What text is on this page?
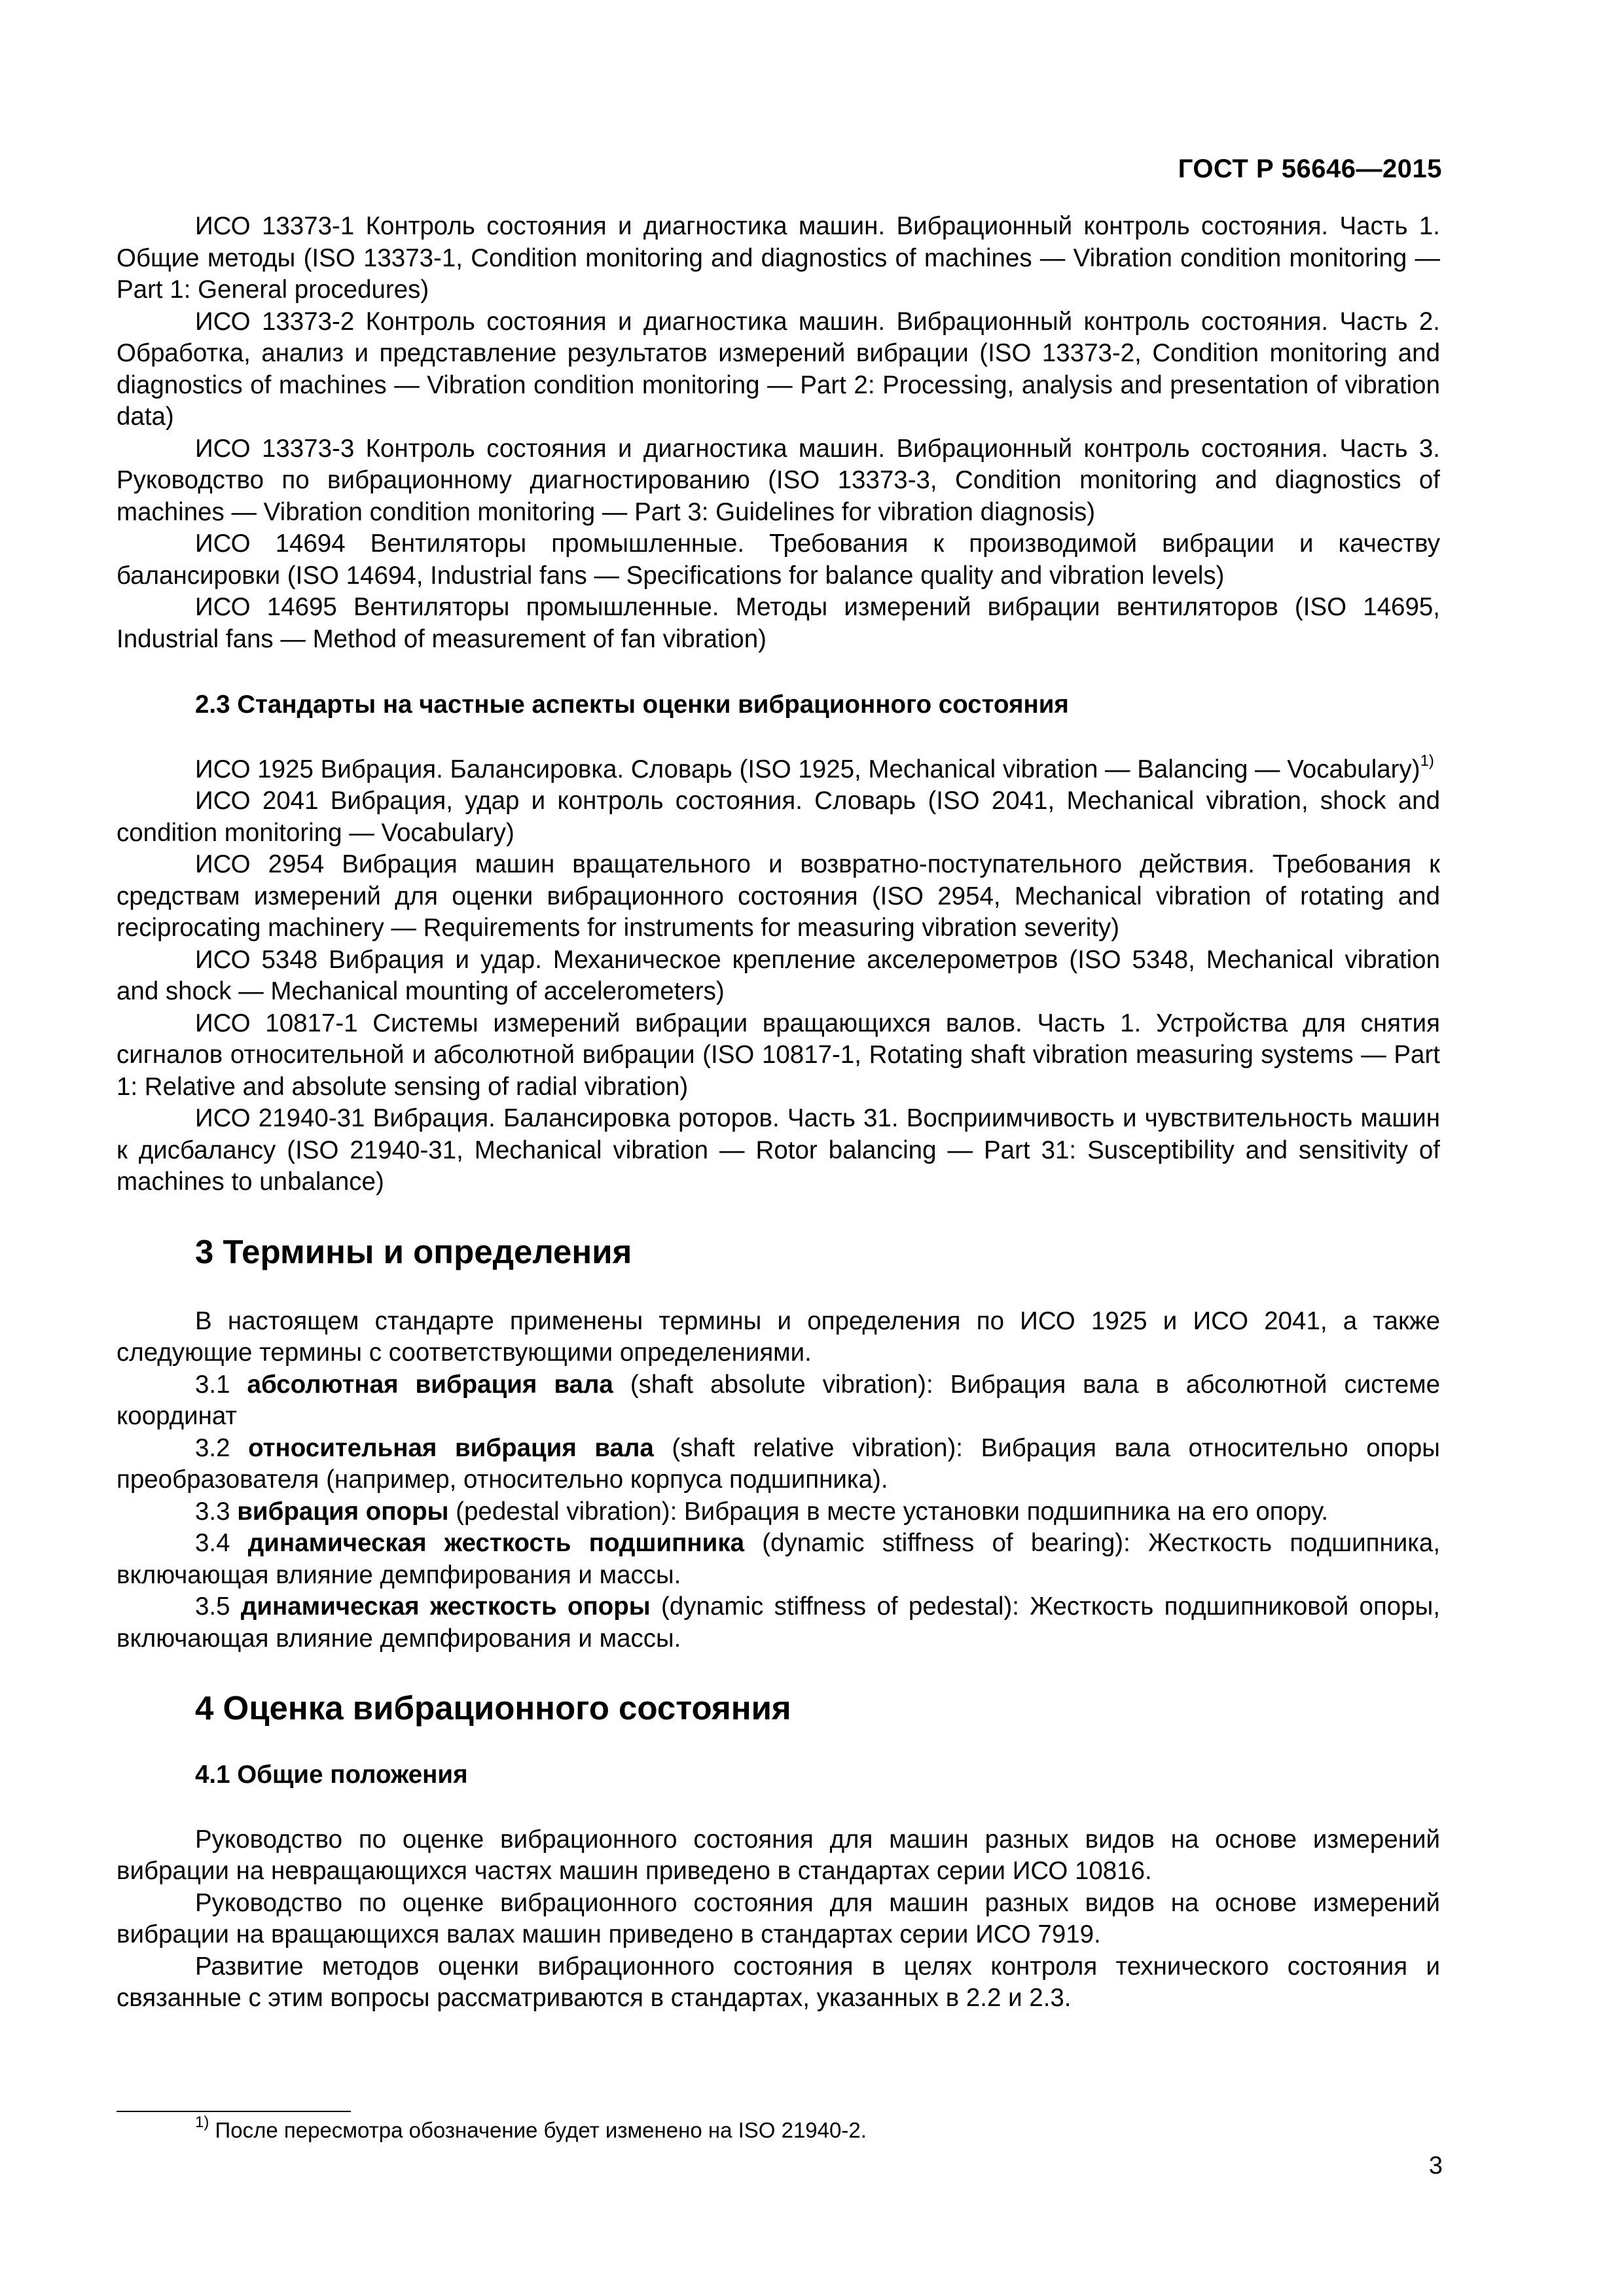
ГОСТ Р 56646—2015

ИСО 13373-1 Контроль состояния и диагностика машин. Вибрационный контроль состояния. Часть 1. Общие методы (ISO 13373-1, Condition monitoring and diagnostics of machines — Vibration condition monitoring — Part 1: General procedures)

ИСО 13373-2 Контроль состояния и диагностика машин. Вибрационный контроль состояния. Часть 2. Обработка, анализ и представление результатов измерений вибрации (ISO 13373-2, Condition monitoring and diagnostics of machines — Vibration condition monitoring — Part 2: Processing, analysis and presentation of vibration data)

ИСО 13373-3 Контроль состояния и диагностика машин. Вибрационный контроль состояния. Часть 3. Руководство по вибрационному диагностированию (ISO 13373-3, Condition monitoring and diagnostics of machines — Vibration condition monitoring — Part 3: Guidelines for vibration diagnosis)

ИСО 14694 Вентиляторы промышленные. Требования к производимой вибрации и качеству балансировки (ISO 14694, Industrial fans — Specifications for balance quality and vibration levels)

ИСО 14695 Вентиляторы промышленные. Методы измерений вибрации вентиляторов (ISO 14695, Industrial fans — Method of measurement of fan vibration)

2.3 Стандарты на частные аспекты оценки вибрационного состояния

ИСО 1925 Вибрация. Балансировка. Словарь (ISO 1925, Mechanical vibration — Balancing — Vocabulary)$^{1)}$

ИСО 2041 Вибрация, удар и контроль состояния. Словарь (ISO 2041, Mechanical vibration, shock and condition monitoring — Vocabulary)

ИСО 2954 Вибрация машин вращательного и возвратно-поступательного действия. Требования к средствам измерений для оценки вибрационного состояния (ISO 2954, Mechanical vibration of rotating and reciprocating machinery — Requirements for instruments for measuring vibration severity)

ИСО 5348 Вибрация и удар. Механическое крепление акселерометров (ISO 5348, Mechanical vibration and shock — Mechanical mounting of accelerometers)

ИСО 10817-1 Системы измерений вибрации вращающихся валов. Часть 1. Устройства для снятия сигналов относительной и абсолютной вибрации (ISO 10817-1, Rotating shaft vibration measuring systems — Part 1: Relative and absolute sensing of radial vibration)

ИСО 21940-31 Вибрация. Балансировка роторов. Часть 31. Восприимчивость и чувствительность машин к дисбалансу (ISO 21940-31, Mechanical vibration — Rotor balancing — Part 31: Susceptibility and sensitivity of machines to unbalance)

3 Термины и определения

В настоящем стандарте применены термины и определения по ИСО 1925 и ИСО 2041, а также следующие термины с соответствующими определениями.

3.1 абсолютная вибрация вала (shaft absolute vibration): Вибрация вала в абсолютной системе координат

3.2 относительная вибрация вала (shaft relative vibration): Вибрация вала относительно опоры преобразователя (например, относительно корпуса подшипника).

3.3 вибрация опоры (pedestal vibration): Вибрация в месте установки подшипника на его опору.

3.4 динамическая жесткость подшипника (dynamic stiffness of bearing): Жесткость подшипника, включающая влияние демпфирования и массы.

3.5 динамическая жесткость опоры (dynamic stiffness of pedestal): Жесткость подшипниковой опоры, включающая влияние демпфирования и массы.

4 Оценка вибрационного состояния
4.1 Общие положения

Руководство по оценке вибрационного состояния для машин разных видов на основе измерений вибрации на невращающихся частях машин приведено в стандартах серии ИСО 10816.

Руководство по оценке вибрационного состояния для машин разных видов на основе измерений вибрации на вращающихся валах машин приведено в стандартах серии ИСО 7919.

Развитие методов оценки вибрационного состояния в целях контроля технического состояния и связанные с этим вопросы рассматриваются в стандартах, указанных в 2.2 и 2.3.

$^{1)}$ После пересмотра обозначение будет изменено на ISO 21940-2.
3
